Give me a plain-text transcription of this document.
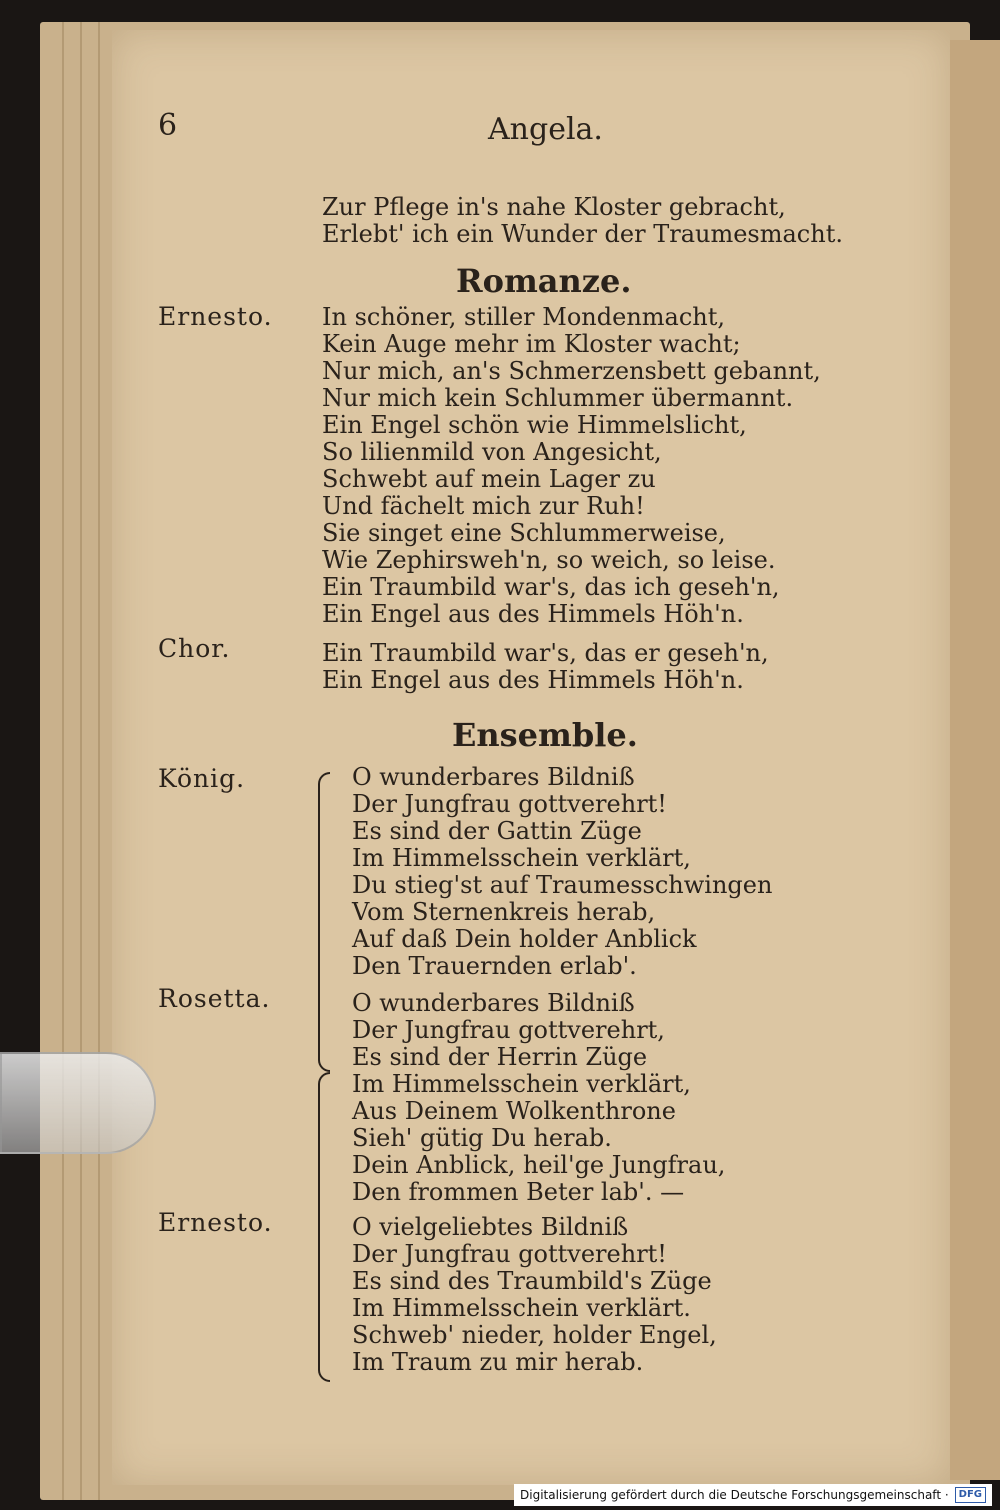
6	Angela.
Zur Pflege in's nahe Kloster gebracht,
Erlebt' ich ein Wunder der Traumesmacht.
Romanze.
Ernesto. In schöner, stiller Mondenmacht,
Kein Auge mehr im Kloster wacht;
Nur mich, an's Schmerzensbett gebannt,
Nur mich kein Schlummer übermannt.
Ein Engel schön wie Himmelslicht,
So lilienmild von Angesicht,
Schwebt auf mein Lager zu
Und fächelt mich zur Ruh!
Sie singet eine Schlummerweise,
Wie Zephirsweh'n, so weich, so leise.
Ein Traumbild war's, das ich geseh'n,
Ein Engel aus des Himmels Höh'n.
Chor.	Ein Traumbild war's, das er geseh'n,
Ein Engel aus des Himmels Höh'n.
Ensemble.
König.	O wunderbares Bildniß
Der Jungfrau gottverehrt!
Es sind der Gattin Züge
Im Himmelsschein verklärt,
Du stieg'st auf Traumesschwingen
Vom Sternenkreis herab,
Auf daß Dein holder Anblick
Den Trauernden erlab'.
Rosetta.	O wunderbares Bildniß
Der Jungfrau gottverehrt,
Es sind der Herrin Züge
Im Himmelsschein verklärt,
Aus Deinem Wolkenthrone
Sieh' gütig Du herab.
Dein Anblick, heil'ge Jungfrau,
Den frommen Beter lab'. —
Ernesto.	O vielgeliebtes Bildniß
Der Jungfrau gottverehrt!
Es sind des Traumbild's Züge
Im Himmelsschein verklärt.
Schweb' nieder, holder Engel,
Im Traum zu mir herab.
Digitalisierung gefördert durch die Deutsche Forschungsgemeinschaft ·	DFG
